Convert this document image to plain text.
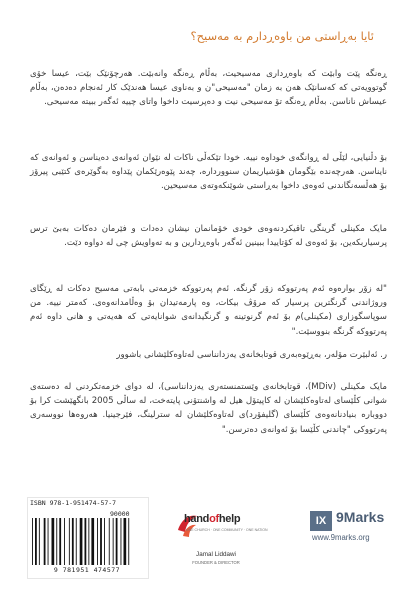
ئایا بەڕاستی من باوەڕدارم بە مەسیح؟
ڕەنگە پێت وابێت کە باوەڕداری مەسیحیت، بەڵام ڕەنگە وانەبێت. هەرچۆنێک بێت، عیسا خۆی گوتوویەتی کە کەسانێک هەن بە زمان "مەسیحی"ن و بەناوی عیسا هەندێک کار ئەنجام دەدەن، بەڵام عیساش ناناسن. بەڵام ڕەنگە تۆ مەسیحی نیت و دەپرسیت داخوا واتای چییە ئەگەر ببیتە مەسیحی.
بۆ دڵنیایی، لێڵی لە ڕوانگەی خوداوە نییە. خودا تێکەڵی ناکات لە نێوان ئەوانەی دەیناسن و ئەوانەی کە نایناسن. هەرچەندە بێگومان هۆشیاریمان سنووردارە، چەند پێوەرێکمان پێداوە بەگوێرەی کتێبی پیرۆز بۆ هەڵسەنگاندنی ئەوەی داخوا بەڕاستی شوێنکەوتەی مەسیحین.
مایک مکینلی گرینگی تاقیکردنەوەی خودی خۆمانمان نیشان دەدات و فێرمان دەکات بەبێ ترس پرسیاربکەین، بۆ ئەوەی لە کۆتاییدا ببینین ئەگەر باوەڕدارین و بە تەواویش چی لە دواوە دێت.
"لە زۆر بوارەوە ئەم پەرتووکە زۆر گرنگە. ئەم پەرتووکە خزمەتی بابەتی مەسیح دەکات لە ڕێگای وروژاندنی گرنگترین پرسیار کە مرۆڤ بیکات، وە پارمەتیدان بۆ وەڵامدانەوەی. کەمتر نییە. من سوپاسگوزاری (مکینلی)م بۆ ئەم گرنوتینە و گرنگیدانەی شوانایەتی کە هەیەتی و هانی داوە ئەم پەرتووکە گرنگە بنووسێت."
ر. ئەلبێرت مۆلەر، بەڕێوەبەری قوتابخانەی یەزدانناسی لەتاوەکلێشانی باشوور
مایک مکینلی (MDiv)، قوتابخانەی وێستمنستەری یەزدانناسی)، لە دوای خزمەتکردنی لە دەستەی شوانی کڵێسای لەتاوەکلێشان لە کاپیتۆل هیل لە واشنتۆنی پایتەخت، لە ساڵی 2005 بانگهێشت کرا بۆ دووبارە بنیادنانەوەی کڵێسای (گلیفۆرد)ی لەتاوەکلێشان لە سترلینگ، فێرجینیا. هەروەها نووسەری پەرتووکی "چاندنی کڵێسا بۆ ئەوانەی دەترسن."
ISBN 978-1-951474-57-7
90000
9 781951 474577
handofhelp
ONE CHURCH · ONE COMMUNITY · ONE NATION
Jamal Liddawi
FOUNDER & DIRECTOR
IX 9Marks
www.9marks.org
